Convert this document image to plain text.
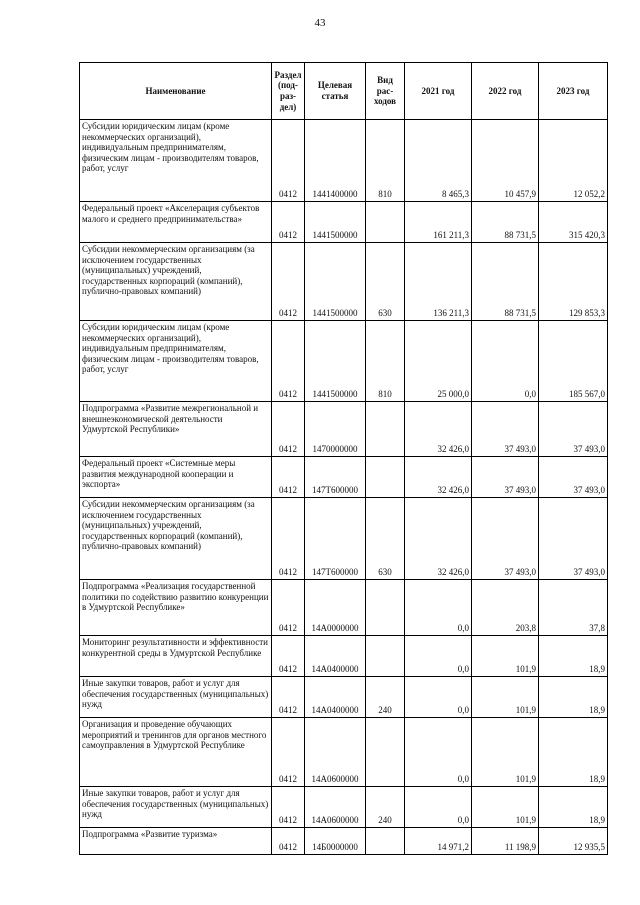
43
Наименование	Раздел (под-раз-дел)	Целевая статья	Вид рас-ходов	2021 год	2022 год	2023 год
Субсидии юридическим лицам (кроме некоммерческих организаций), индивидуальным предпринимателям, физическим лицам - производителям товаров, работ, услуг	0412	1441400000	810	8 465,3	10 457,9	12 052,2
Федеральный проект «Акселерация субъектов малого и среднего предпринимательства»	0412	1441500000		161 211,3	88 731,5	315 420,3
Субсидии некоммерческим организациям (за исключением государственных (муниципальных) учреждений, государственных корпораций (компаний), публично-правовых компаний)	0412	1441500000	630	136 211,3	88 731,5	129 853,3
Субсидии юридическим лицам (кроме некоммерческих организаций), индивидуальным предпринимателям, физическим лицам - производителям товаров, работ, услуг	0412	1441500000	810	25 000,0	0,0	185 567,0
Подпрограмма «Развитие межрегиональной и внешнеэкономической деятельности Удмуртской Республики»	0412	1470000000		32 426,0	37 493,0	37 493,0
Федеральный проект «Системные меры развития международной кооперации и экспорта»	0412	147T600000		32 426,0	37 493,0	37 493,0
Субсидии некоммерческим организациям (за исключением государственных (муниципальных) учреждений, государственных корпораций (компаний), публично-правовых компаний)	0412	147T600000	630	32 426,0	37 493,0	37 493,0
Подпрограмма «Реализация государственной политики по содействию развитию конкуренции в Удмуртской Республике»	0412	14A0000000		0,0	203,8	37,8
Мониторинг результативности и эффективности конкурентной среды в Удмуртской Республике	0412	14A0400000		0,0	101,9	18,9
Иные закупки товаров, работ и услуг для обеспечения государственных (муниципальных) нужд	0412	14A0400000	240	0,0	101,9	18,9
Организация и проведение обучающих мероприятий и тренингов для органов местного самоуправления в Удмуртской Республике	0412	14A0600000		0,0	101,9	18,9
Иные закупки товаров, работ и услуг для обеспечения государственных (муниципальных) нужд	0412	14A0600000	240	0,0	101,9	18,9
Подпрограмма «Развитие туризма»	0412	14Б0000000		14 971,2	11 198,9	12 935,5
